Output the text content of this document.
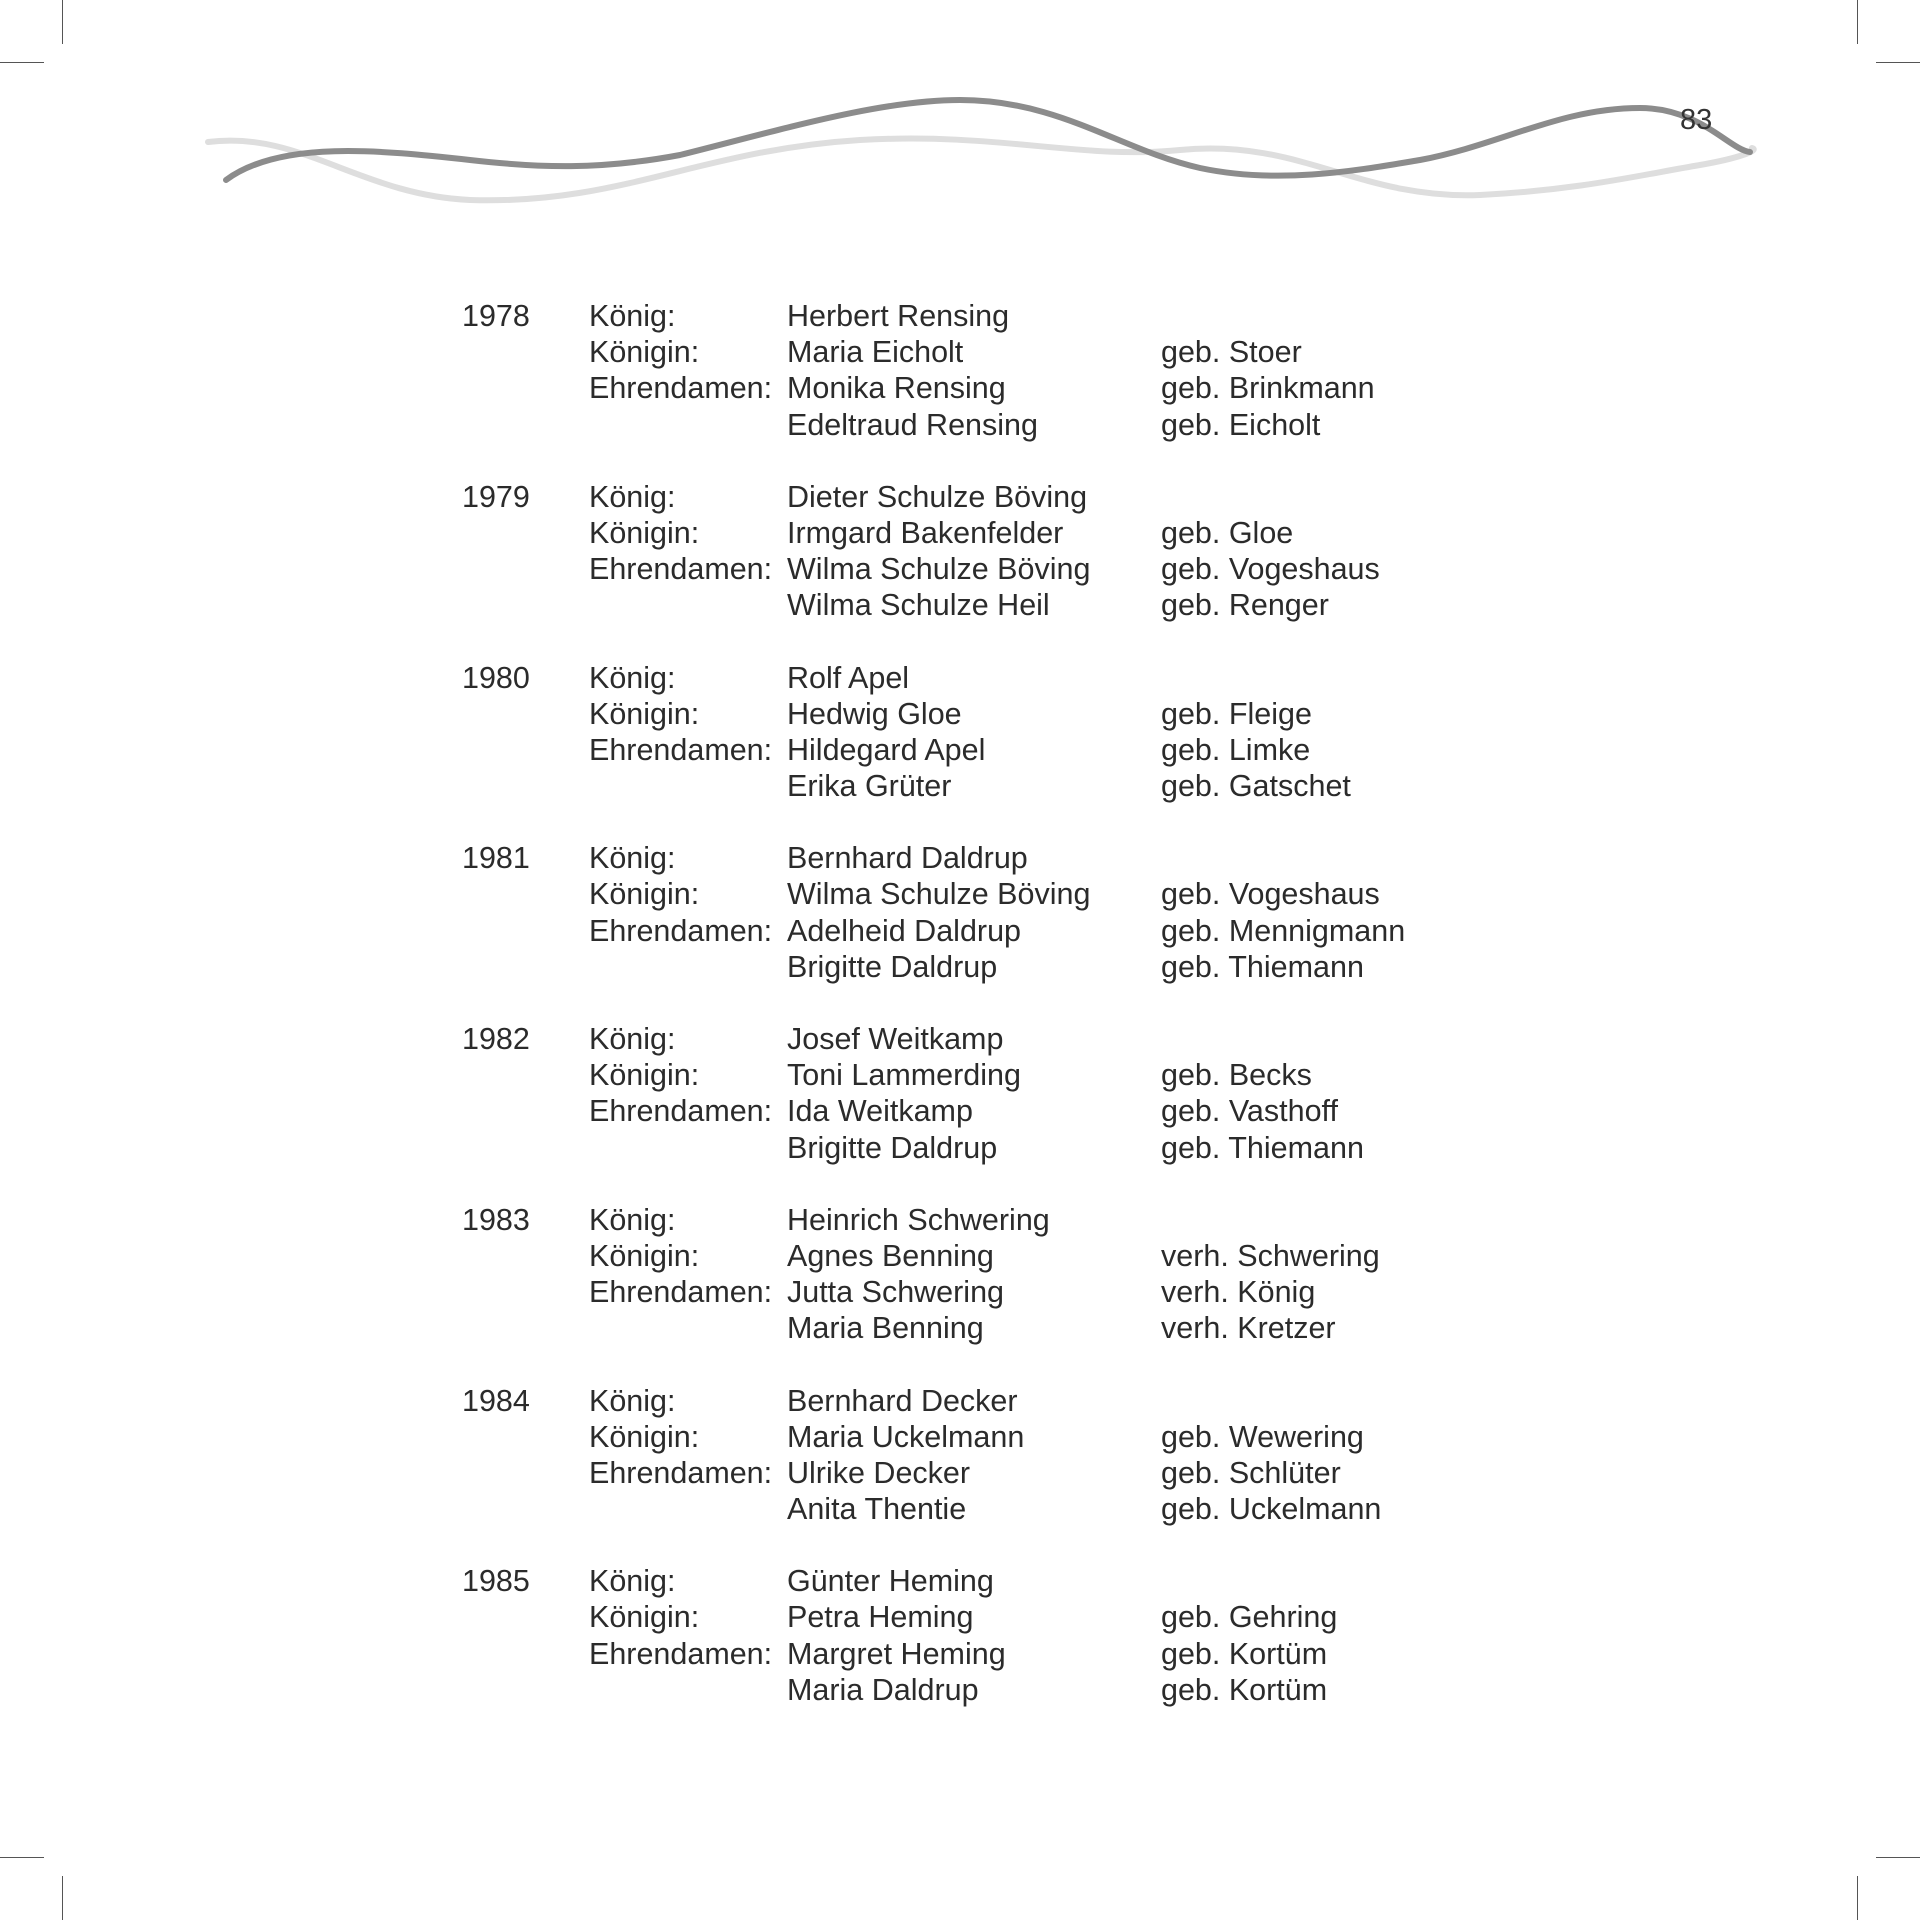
83
1978 König:	Herbert Rensing
Königin:	Maria Eicholt	geb. Stoer
Ehrendamen: Monika Rensing	geb. Brinkmann
Edeltraud Rensing	geb. Eicholt
1979 König:	Dieter Schulze Böving
Königin:	Irmgard Bakenfelder	geb. Gloe
Ehrendamen: Wilma Schulze Böving geb. Vogeshaus
Wilma Schulze Heil	geb. Renger
1980 König:	Rolf Apel
Königin:	Hedwig Gloe	geb. Fleige
Ehrendamen: Hildegard Apel	geb. Limke
Erika Grüter	geb. Gatschet
1981 König:	Bernhard Daldrup
Königin:	Wilma Schulze Böving geb. Vogeshaus
Ehrendamen: Adelheid Daldrup	geb. Mennigmann
Brigitte Daldrup	geb. Thiemann
1982 König:	Josef Weitkamp
Königin:	Toni Lammerding	geb. Becks
Ehrendamen: Ida Weitkamp	geb. Vasthoff
Brigitte Daldrup	geb. Thiemann
1983 König:	Heinrich Schwering
Königin:	Agnes Benning	verh. Schwering
Ehrendamen: Jutta Schwering	verh. König
Maria Benning	verh. Kretzer
1984 König:	Bernhard Decker
Königin:	Maria Uckelmann	geb. Wewering
Ehrendamen: Ulrike Decker	geb. Schlüter
Anita Thentie	geb. Uckelmann
1985 König:	Günter Heming
Königin:	Petra Heming	geb. Gehring
Ehrendamen: Margret Heming	geb. Kortüm
Maria Daldrup	geb. Kortüm
